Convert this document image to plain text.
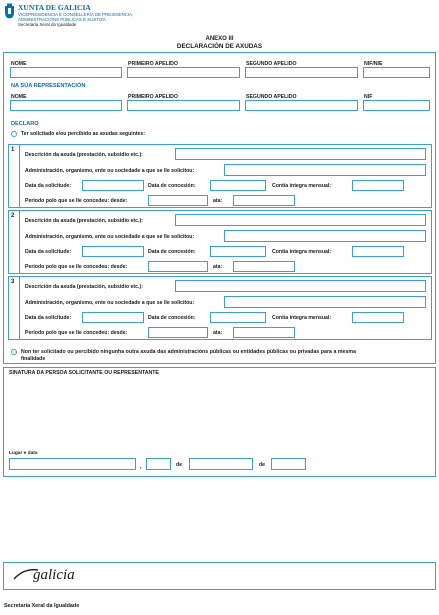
XUNTA DE GALICIA
VICEPRESIDENCIA E CONSELLERÍA DE PRESIDENCIA,
ADMINISTRACIÓNS PÚBLICAS E XUSTIZA
Secretaría Xeral da Igualdade
ANEXO III
DECLARACIÓN DE AXUDAS
NOME	PRIMEIRO APELIDO	SEGUNDO APELIDO	NIF/NIE
NA SÚA REPRESENTACIÓN
NOME	PRIMEIRO APELIDO	SEGUNDO APELIDO	NIF
DECLARO
Ter solicitado e/ou percibido as axudas seguintes:
1
Descrición da axuda (prestación, subsidio etc.):
Administración, organismo, ente ou sociedade a que se lle solicitou:
Data da solicitude:	Data de concesión:	Contía íntegra mensual:
Período polo que se lle concedeu: desde:	ata:
2
Descrición da axuda (prestación, subsidio etc.):
Administración, organismo, ente ou sociedade a que se lle solicitou:
Data da solicitude:	Data de concesión:	Contía íntegra mensual:
Período polo que se lle concedeu: desde:	ata:
3
Descrición da axuda (prestación, subsidio etc.):
Administración, organismo, ente ou sociedade a que se lle solicitou:
Data da solicitude:	Data de concesión:	Contía íntegra mensual:
Período polo que se lle concedeu: desde:	ata:
Non ter solicitado ou percibido ningunha outra axuda das administracións públicas ou entidades públicas ou privadas para a mesma
finalidade
SINATURA DA PERSOA SOLICITANTE OU REPRESENTANTE
Lugar e data
,	de	de
galicia
Secretaría Xeral da Igualdade
